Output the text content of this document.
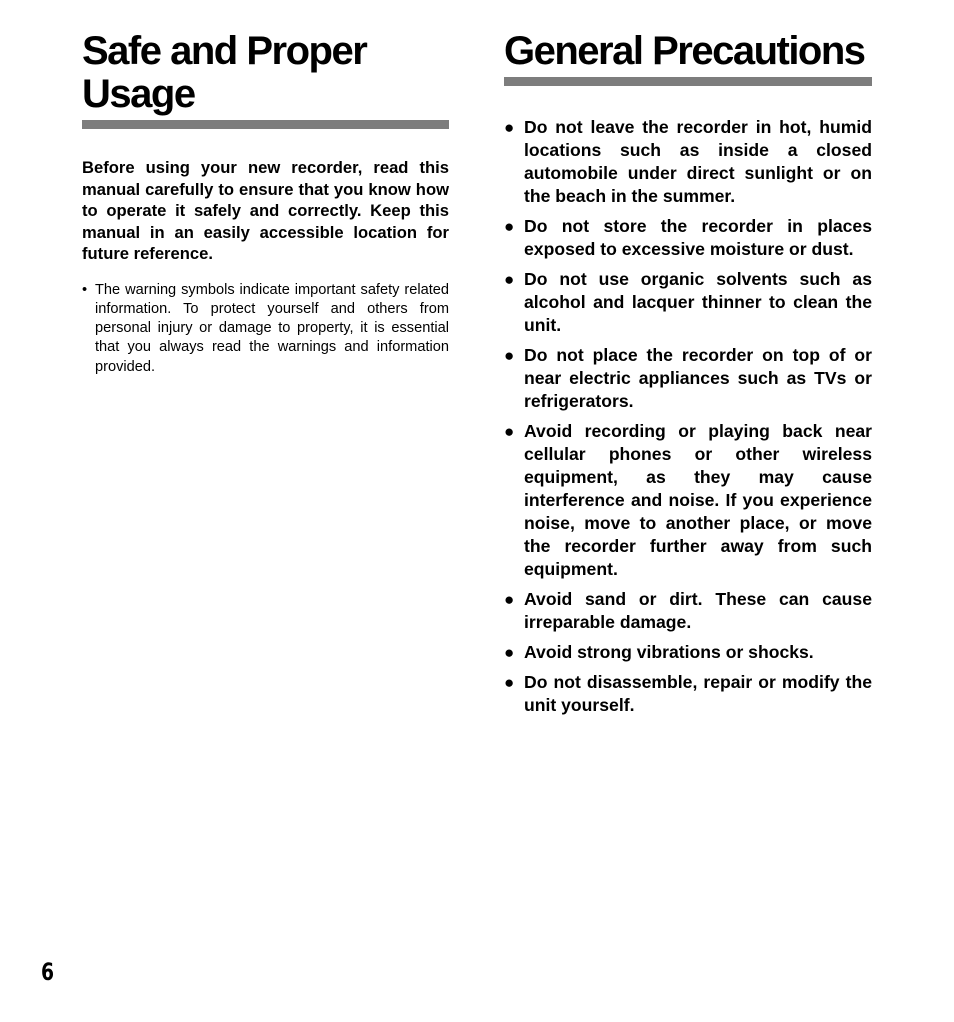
Safe and Proper Usage

Before using your new recorder, read this manual carefully to ensure that you know how to operate it safely and correctly. Keep this manual in an easily accessible location for future reference.

• The warning symbols indicate important safety related information. To protect yourself and others from personal injury or damage to property, it is essential that you always read the warnings and information provided.
General Precautions
● Do not leave the recorder in hot, humid locations such as inside a closed automobile under direct sunlight or on the beach in the summer.
● Do not store the recorder in places exposed to excessive moisture or dust.
● Do not use organic solvents such as alcohol and lacquer thinner to clean the unit.
● Do not place the recorder on top of or near electric appliances such as TVs or refrigerators.
● Avoid recording or playing back near cellular phones or other wireless equipment, as they may cause interference and noise. If you experience noise, move to another place, or move the recorder further away from such equipment.
● Avoid sand or dirt. These can cause irreparable damage.
● Avoid strong vibrations or shocks.
● Do not disassemble, repair or modify the unit yourself.
6
